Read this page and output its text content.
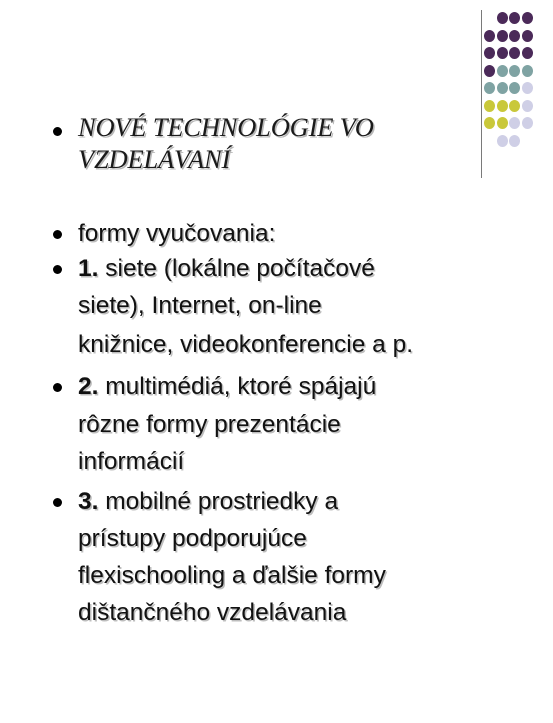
NOVÉ TECHNOLÓGIE VO
VZDELÁVANÍ
formy vyučovania:
1. siete (lokálne počítačové
siete), Internet, on-line
knižnice, videokonferencie a p.
2. multimédiá, ktoré spájajú
rôzne formy prezentácie
informácií
3. mobilné prostriedky a
prístupy podporujúce
flexischooling a ďalšie formy
dištančného vzdelávania
